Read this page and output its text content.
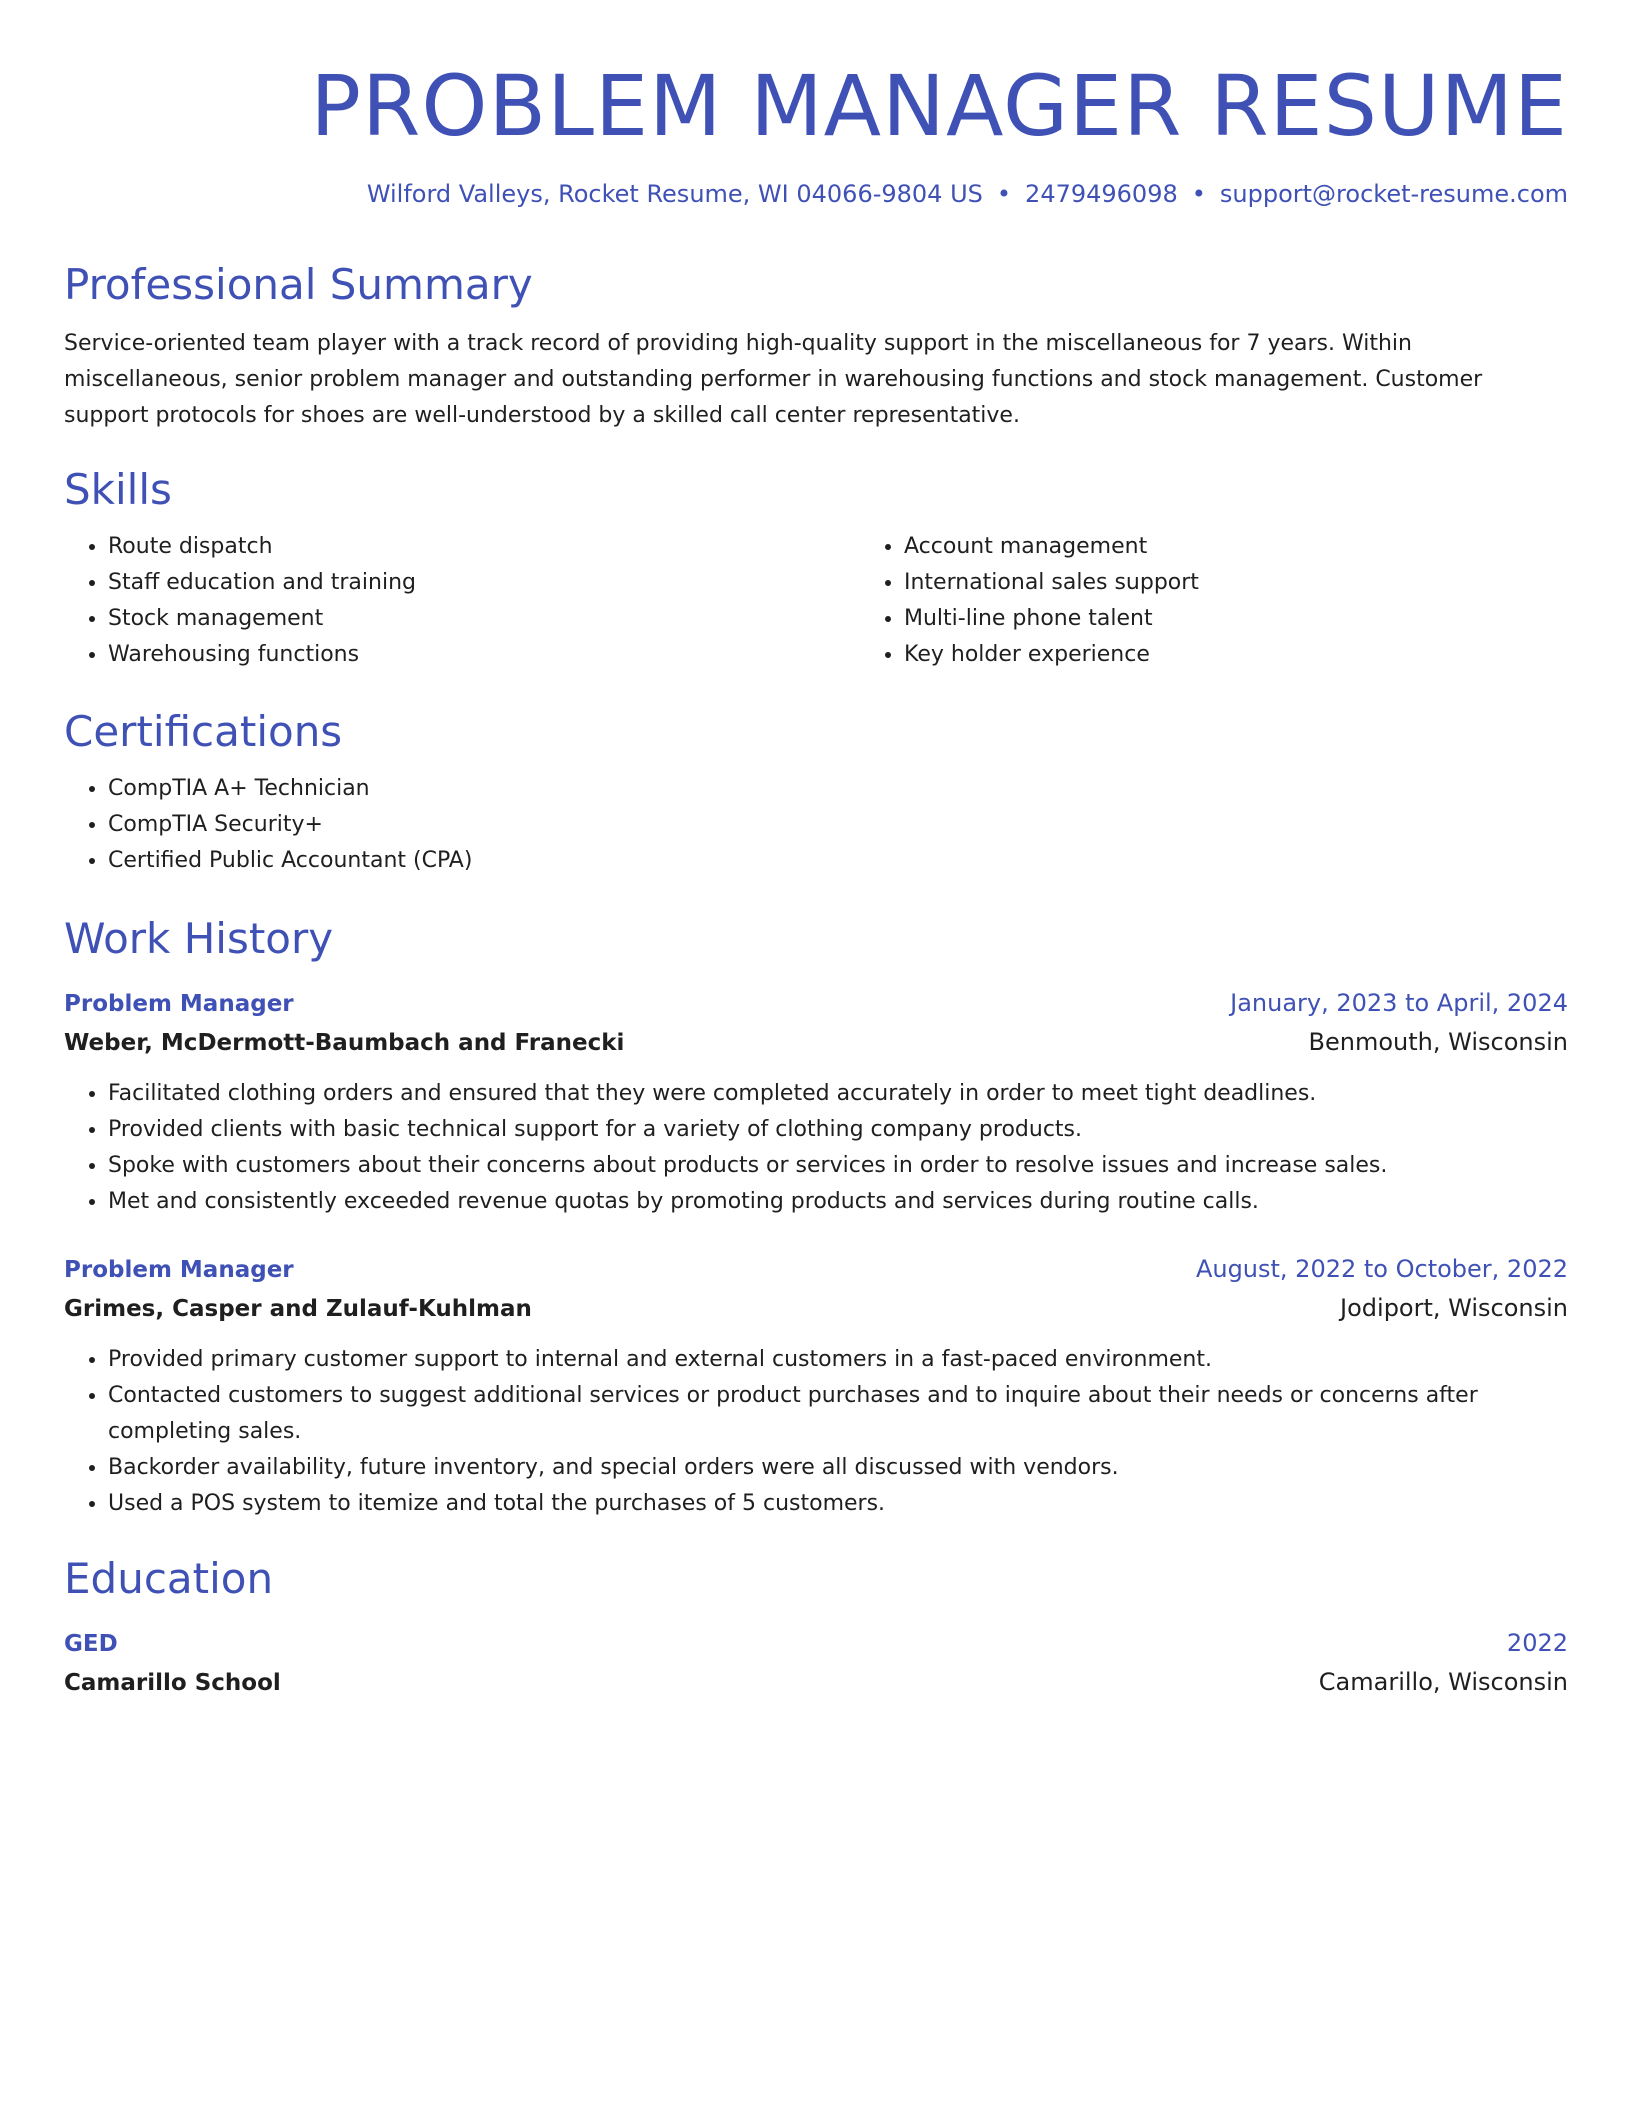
PROBLEM MANAGER RESUME
Wilford Valleys, Rocket Resume, WI 04066-9804 US • 2479496098 • support@rocket-resume.com
Professional Summary

Service-oriented team player with a track record of providing high-quality support in the miscellaneous for 7 years. Within miscellaneous, senior problem manager and outstanding performer in warehousing functions and stock management. Customer support protocols for shoes are well-understood by a skilled call center representative.

Skills
• Route dispatch
• Staff education and training
• Stock management
• Warehousing functions
• Account management
• International sales support
• Multi-line phone talent
• Key holder experience
Certifications
• CompTIA A+ Technician
• CompTIA Security+
• Certified Public Accountant (CPA)
Work History
Problem Manager	January, 2023 to April, 2024
Weber, McDermott-Baumbach and Franecki	Benmouth, Wisconsin
• Facilitated clothing orders and ensured that they were completed accurately in order to meet tight deadlines.
• Provided clients with basic technical support for a variety of clothing company products.
• Spoke with customers about their concerns about products or services in order to resolve issues and increase sales.
• Met and consistently exceeded revenue quotas by promoting products and services during routine calls.
Problem Manager	August, 2022 to October, 2022
Grimes, Casper and Zulauf-Kuhlman	Jodiport, Wisconsin
• Provided primary customer support to internal and external customers in a fast-paced environment.
• Contacted customers to suggest additional services or product purchases and to inquire about their needs or concerns after completing sales.
• Backorder availability, future inventory, and special orders were all discussed with vendors.
• Used a POS system to itemize and total the purchases of 5 customers.
Education
GED	2022
Camarillo School	Camarillo, Wisconsin
